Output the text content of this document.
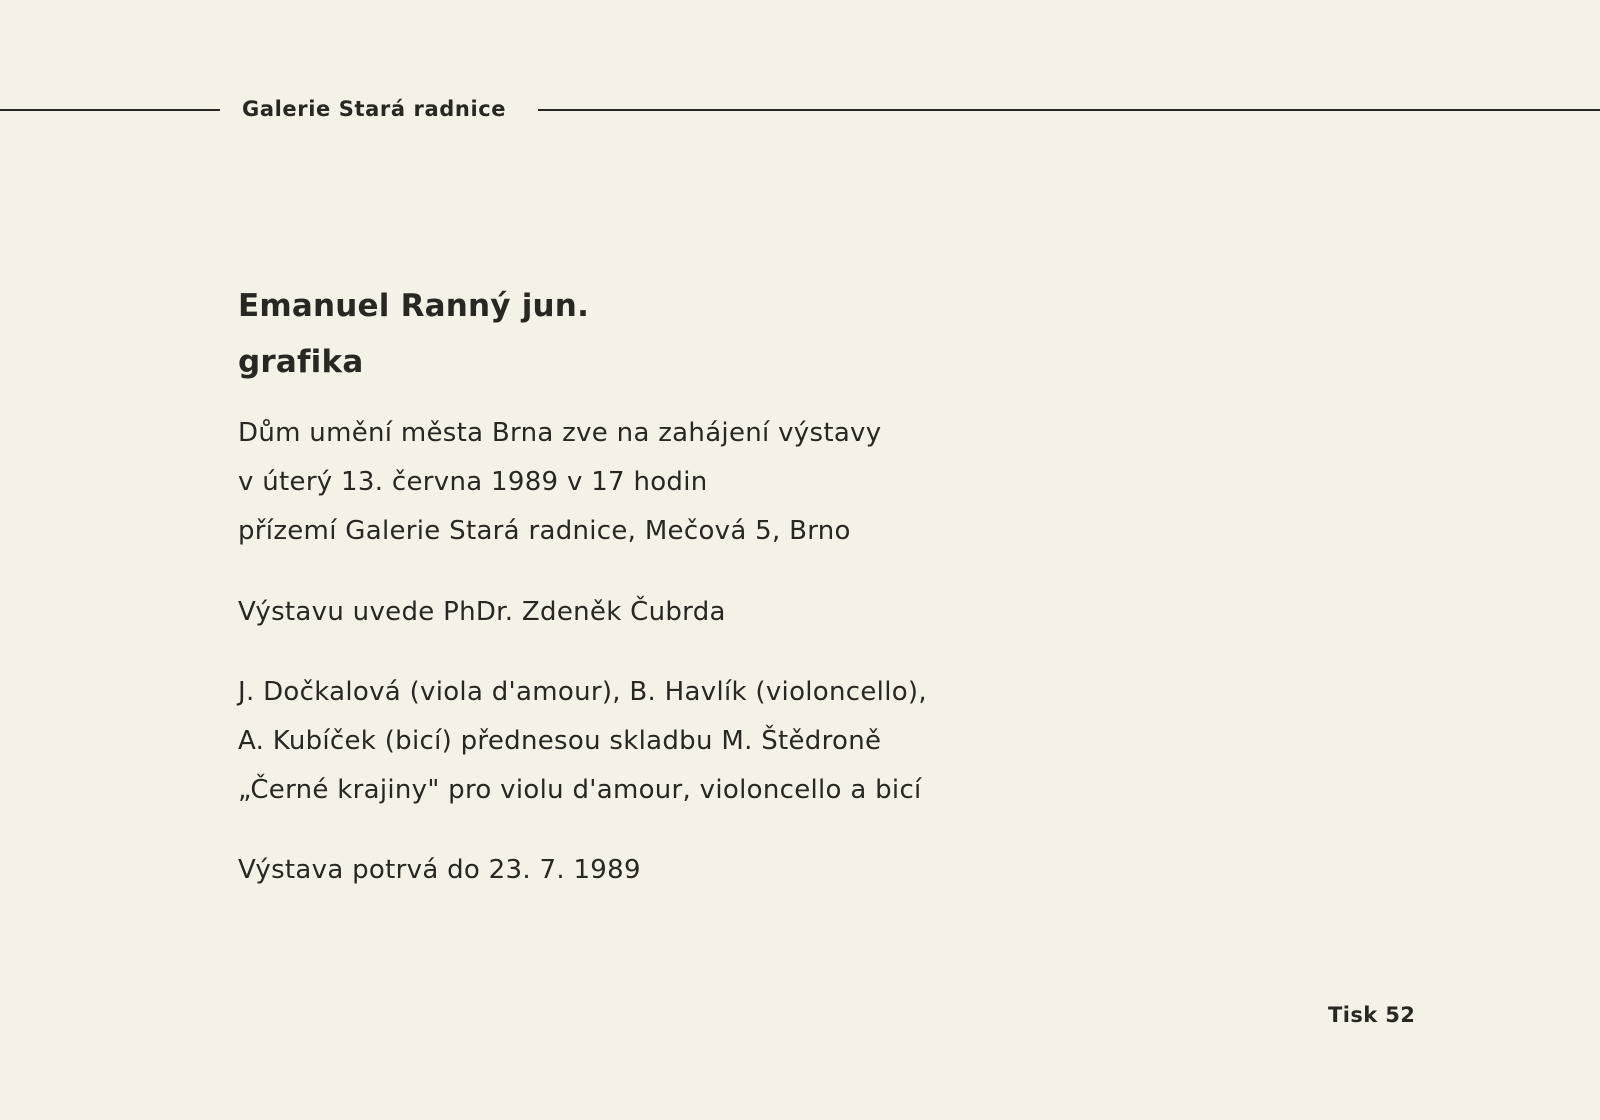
Galerie Stará radnice
Emanuel Ranný jun.
grafika
Dům umění města Brna zve na zahájení výstavy
v úterý 13. června 1989 v 17 hodin
přízemí Galerie Stará radnice, Mečová 5, Brno
Výstavu uvede PhDr. Zdeněk Čubrda
J. Dočkalová (viola d'amour), B. Havlík (violoncello),
A. Kubíček (bicí) přednesou skladbu M. Štědroně
„Černé krajiny" pro violu d'amour, violoncello a bicí
Výstava potrvá do 23. 7. 1989
Tisk 52
